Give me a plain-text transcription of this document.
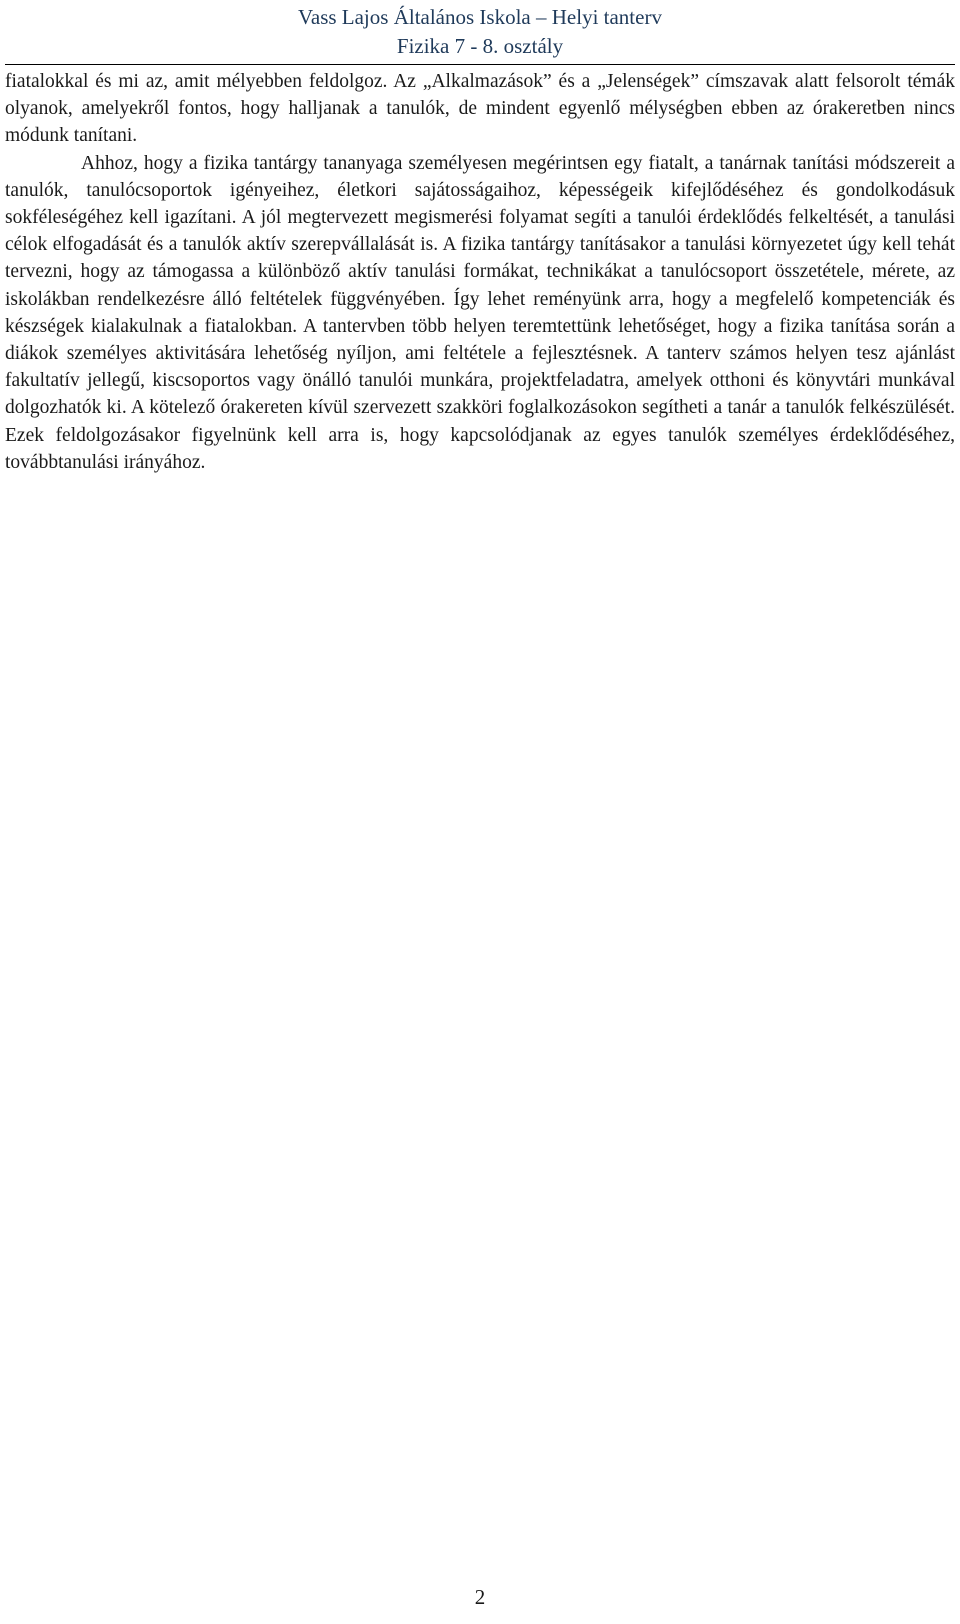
Vass Lajos Általános Iskola – Helyi tanterv
Fizika 7 - 8. osztály

fiatalokkal és mi az, amit mélyebben feldolgoz. Az „Alkalmazások” és a „Jelenségek” címszavak alatt felsorolt témák olyanok, amelyekről fontos, hogy halljanak a tanulók, de mindent egyenlő mélységben ebben az órakeretben nincs módunk tanítani.

Ahhoz, hogy a fizika tantárgy tananyaga személyesen megérintsen egy fiatalt, a tanárnak tanítási módszereit a tanulók, tanulócsoportok igényeihez, életkori sajátosságaihoz, képességeik kifejlődéséhez és gondolkodásuk sokféleségéhez kell igazítani. A jól megtervezett megismerési folyamat segíti a tanulói érdeklődés felkeltését, a tanulási célok elfogadását és a tanulók aktív szerepvállalását is. A fizika tantárgy tanításakor a tanulási környezetet úgy kell tehát tervezni, hogy az támogassa a különböző aktív tanulási formákat, technikákat a tanulócsoport összetétele, mérete, az iskolákban rendelkezésre álló feltételek függvényében. Így lehet reményünk arra, hogy a megfelelő kompetenciák és készségek kialakulnak a fiatalokban. A tantervben több helyen teremtettünk lehetőséget, hogy a fizika tanítása során a diákok személyes aktivitására lehetőség nyíljon, ami feltétele a fejlesztésnek. A tanterv számos helyen tesz ajánlást fakultatív jellegű, kiscsoportos vagy önálló tanulói munkára, projektfeladatra, amelyek otthoni és könyvtári munkával dolgozhatók ki. A kötelező órakereten kívül szervezett szakköri foglalkozásokon segítheti a tanár a tanulók felkészülését. Ezek feldolgozásakor figyelnünk kell arra is, hogy kapcsolódjanak az egyes tanulók személyes érdeklődéséhez, továbbtanulási irányához.

2
